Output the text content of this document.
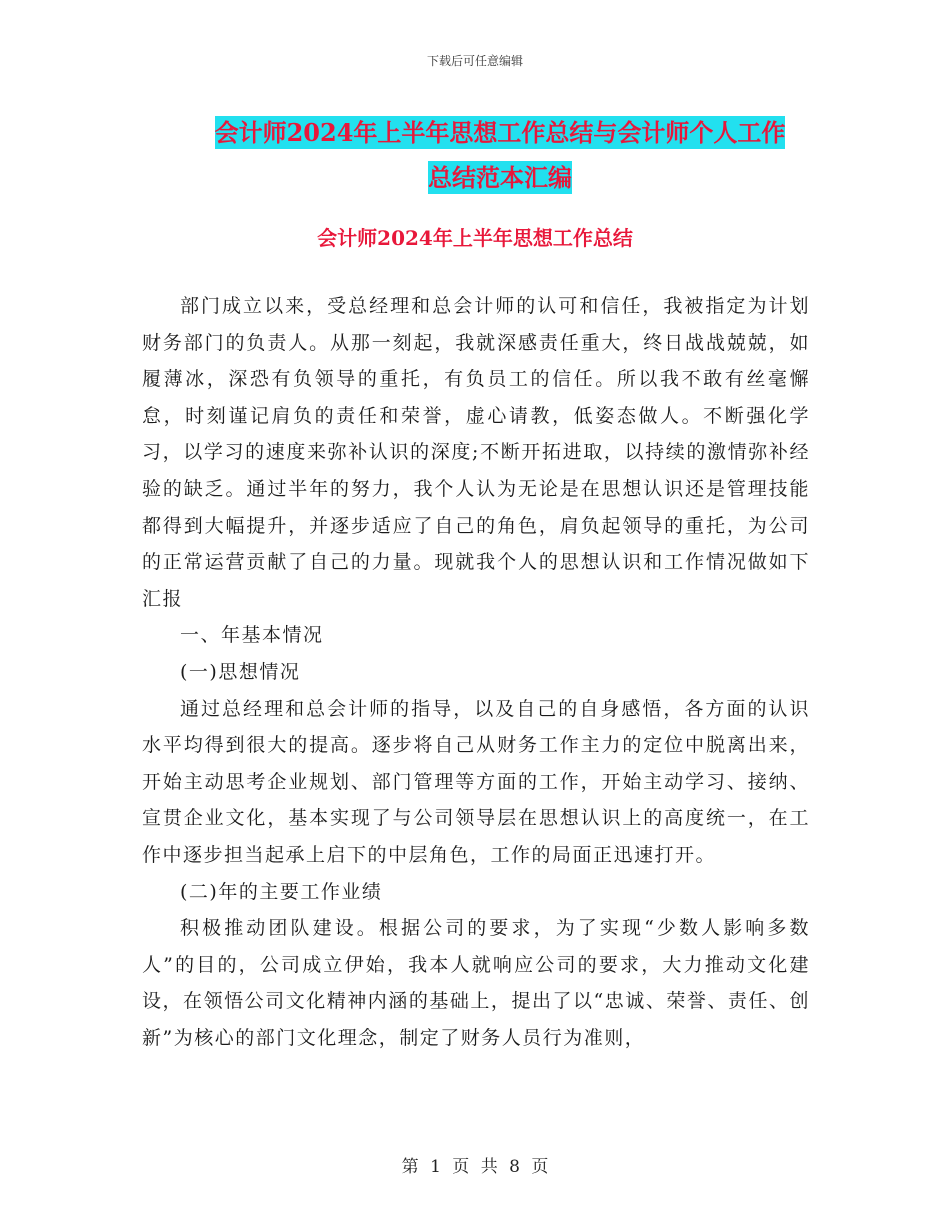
下载后可任意编辑
会计师2024年上半年思想工作总结与会计师个人工作
总结范本汇编
会计师2024年上半年思想工作总结

部门成立以来，受总经理和总会计师的认可和信任，我被指定为计划财务部门的负责人。从那一刻起，我就深感责任重大，终日战战兢兢，如履薄冰，深恐有负领导的重托，有负员工的信任。所以我不敢有丝毫懈怠，时刻谨记肩负的责任和荣誉，虚心请教，低姿态做人。不断强化学习，以学习的速度来弥补认识的深度;不断开拓进取，以持续的激情弥补经验的缺乏。通过半年的努力，我个人认为无论是在思想认识还是管理技能都得到大幅提升，并逐步适应了自己的角色，肩负起领导的重托，为公司的正常运营贡献了自己的力量。现就我个人的思想认识和工作情况做如下汇报

一、年基本情况

(一)思想情况

通过总经理和总会计师的指导，以及自己的自身感悟，各方面的认识水平均得到很大的提高。逐步将自己从财务工作主力的定位中脱离出来，开始主动思考企业规划、部门管理等方面的工作，开始主动学习、接纳、宣贯企业文化，基本实现了与公司领导层在思想认识上的高度统一，在工作中逐步担当起承上启下的中层角色，工作的局面正迅速打开。

(二)年的主要工作业绩

积极推动团队建设。根据公司的要求，为了实现“少数人影响多数人”的目的，公司成立伊始，我本人就响应公司的要求，大力推动文化建设，在领悟公司文化精神内涵的基础上，提出了以“忠诚、荣誉、责任、创新”为核心的部门文化理念，制定了财务人员行为准则，

第 1 页 共 8 页
